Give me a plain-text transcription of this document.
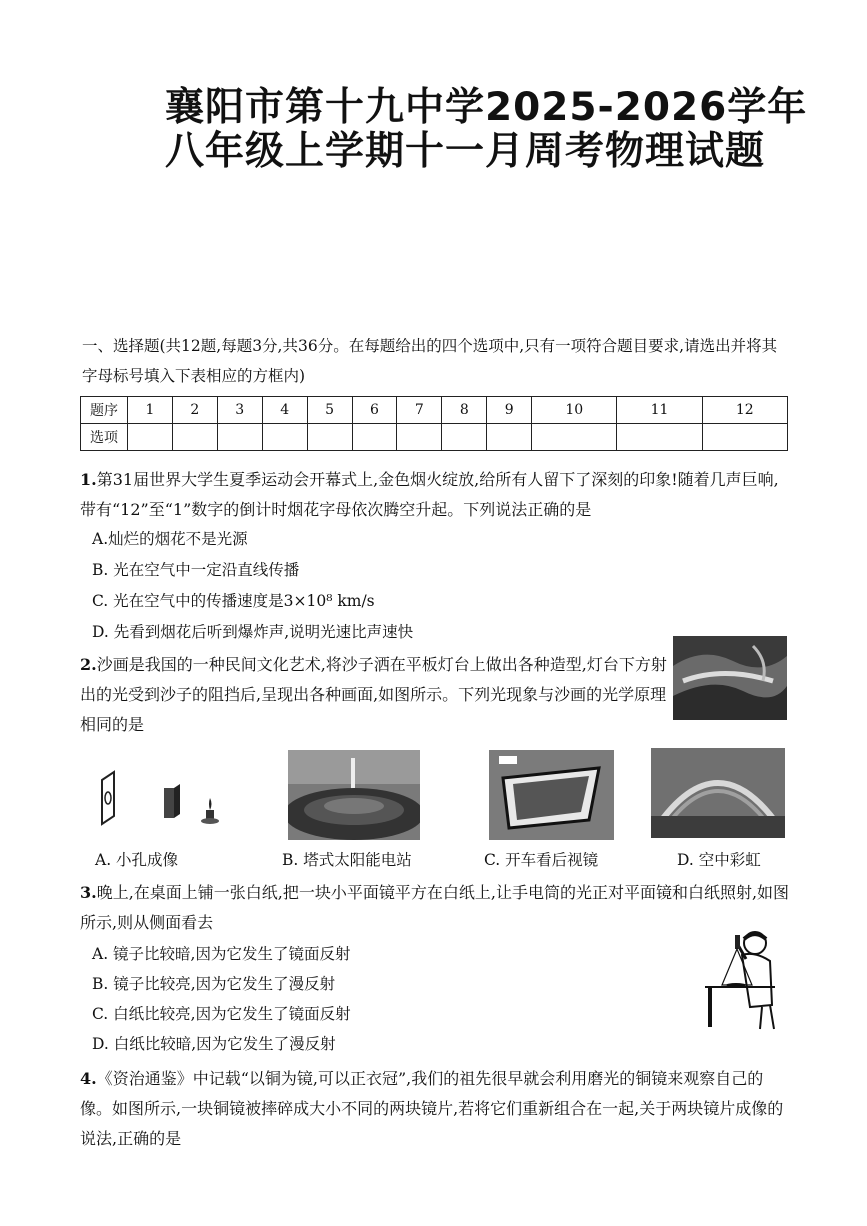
襄阳市第十九中学2025-2026学年
八年级上学期十一月周考物理试题
一、选择题(共12题,每题3分,共36分。在每题给出的四个选项中,只有一项符合题目要求,请选出并将其字母标号填入下表相应的方框内)
题序	1	2	3	4	5	6	7	8	9	10	11	12
选项												
1.第31届世界大学生夏季运动会开幕式上,金色烟火绽放,给所有人留下了深刻的印象!随着几声巨响,带有“12”至“1”数字的倒计时烟花字母依次腾空升起。下列说法正确的是
A.灿烂的烟花不是光源
B. 光在空气中一定沿直线传播
C. 光在空气中的传播速度是3×10⁸ km/s
D. 先看到烟花后听到爆炸声,说明光速比声速快
2.沙画是我国的一种民间文化艺术,将沙子洒在平板灯台上做出各种造型,灯台下方射出的光受到沙子的阻挡后,呈现出各种画面,如图所示。下列光现象与沙画的光学原理相同的是
A. 小孔成像	B. 塔式太阳能电站	C. 开车看后视镜	D. 空中彩虹
3.晚上,在桌面上铺一张白纸,把一块小平面镜平方在白纸上,让手电筒的光正对平面镜和白纸照射,如图所示,则从侧面看去
A. 镜子比较暗,因为它发生了镜面反射
B. 镜子比较亮,因为它发生了漫反射
C. 白纸比较亮,因为它发生了镜面反射
D. 白纸比较暗,因为它发生了漫反射
4.《资治通鉴》中记载“以铜为镜,可以正衣冠”,我们的祖先很早就会利用磨光的铜镜来观察自己的像。如图所示,一块铜镜被摔碎成大小不同的两块镜片,若将它们重新组合在一起,关于两块镜片成像的说法,正确的是
